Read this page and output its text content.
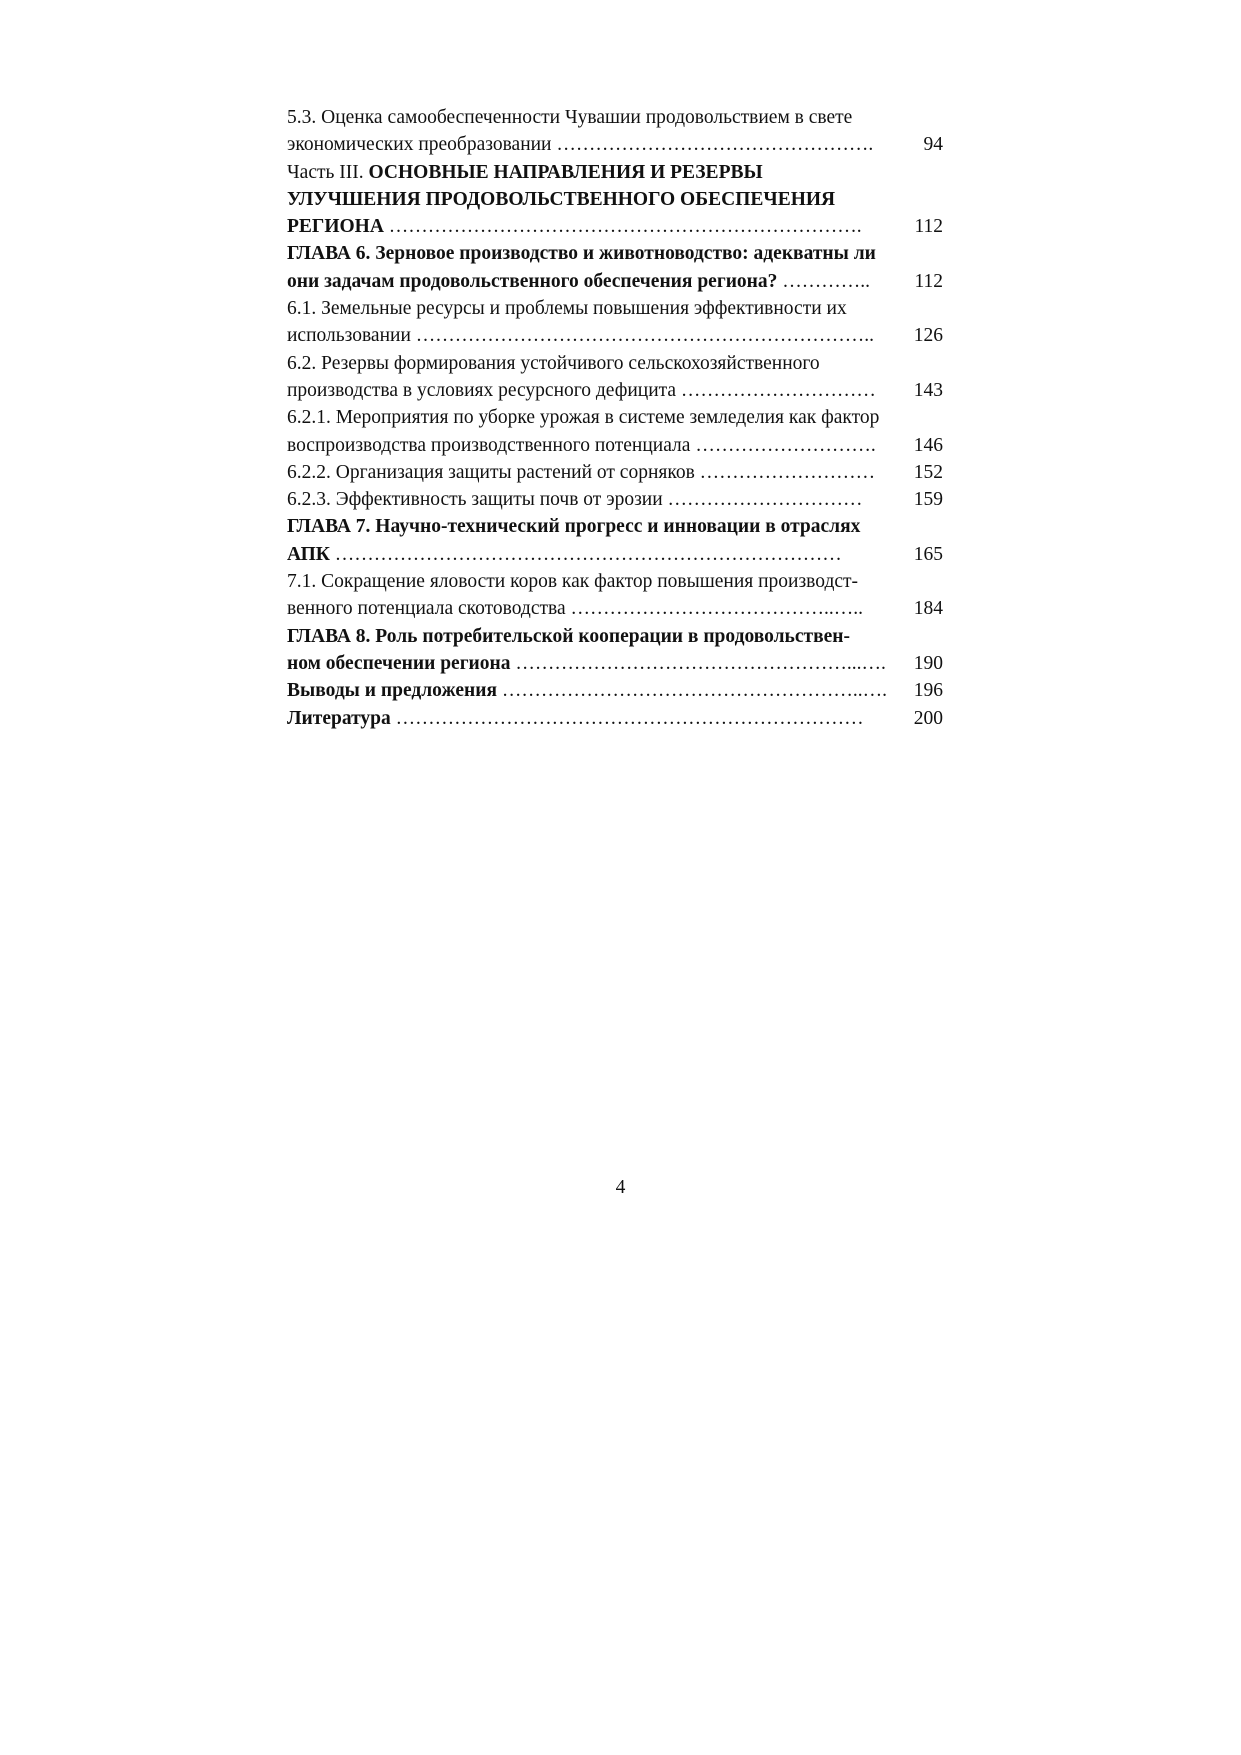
5.3. Оценка самообеспеченности Чувашии продовольствием в свете
экономических преобразовании ………………………………………….	94
Часть III. ОСНОВНЫЕ НАПРАВЛЕНИЯ И РЕЗЕРВЫ
УЛУЧШЕНИЯ ПРОДОВОЛЬСТВЕННОГО ОБЕСПЕЧЕНИЯ
РЕГИОНА ……………………………………………………………….	112
ГЛАВА 6. Зерновое производство и животноводство: адекватны ли
они задачам продовольственного обеспечения региона? …………..	112
6.1. Земельные ресурсы и проблемы повышения эффективности их
использовании ……………………………………………………………..	126
6.2. Резервы формирования устойчивого сельскохозяйственного
производства в условиях ресурсного дефицита …………………………	143
6.2.1. Мероприятия по уборке урожая в системе земледелия как фактор
воспроизводства производственного потенциала ……………………….	146
6.2.2. Организация защиты растений от сорняков ………………………	152
6.2.3. Эффективность защиты почв от эрозии …………………………	159
ГЛАВА 7. Научно-технический прогресс и инновации в отраслях
АПК ……………………………………………………………………	165
7.1. Сокращение яловости коров как фактор повышения производст-
венного потенциала скотоводства …………………………………..…..	184
ГЛАВА 8. Роль потребительской кооперации в продовольствен-
ном обеспечении региона ……………………………………………...….	190
Выводы и предложения ………………………………………………..….	196
Литература ………………………………………………………………	200
4
